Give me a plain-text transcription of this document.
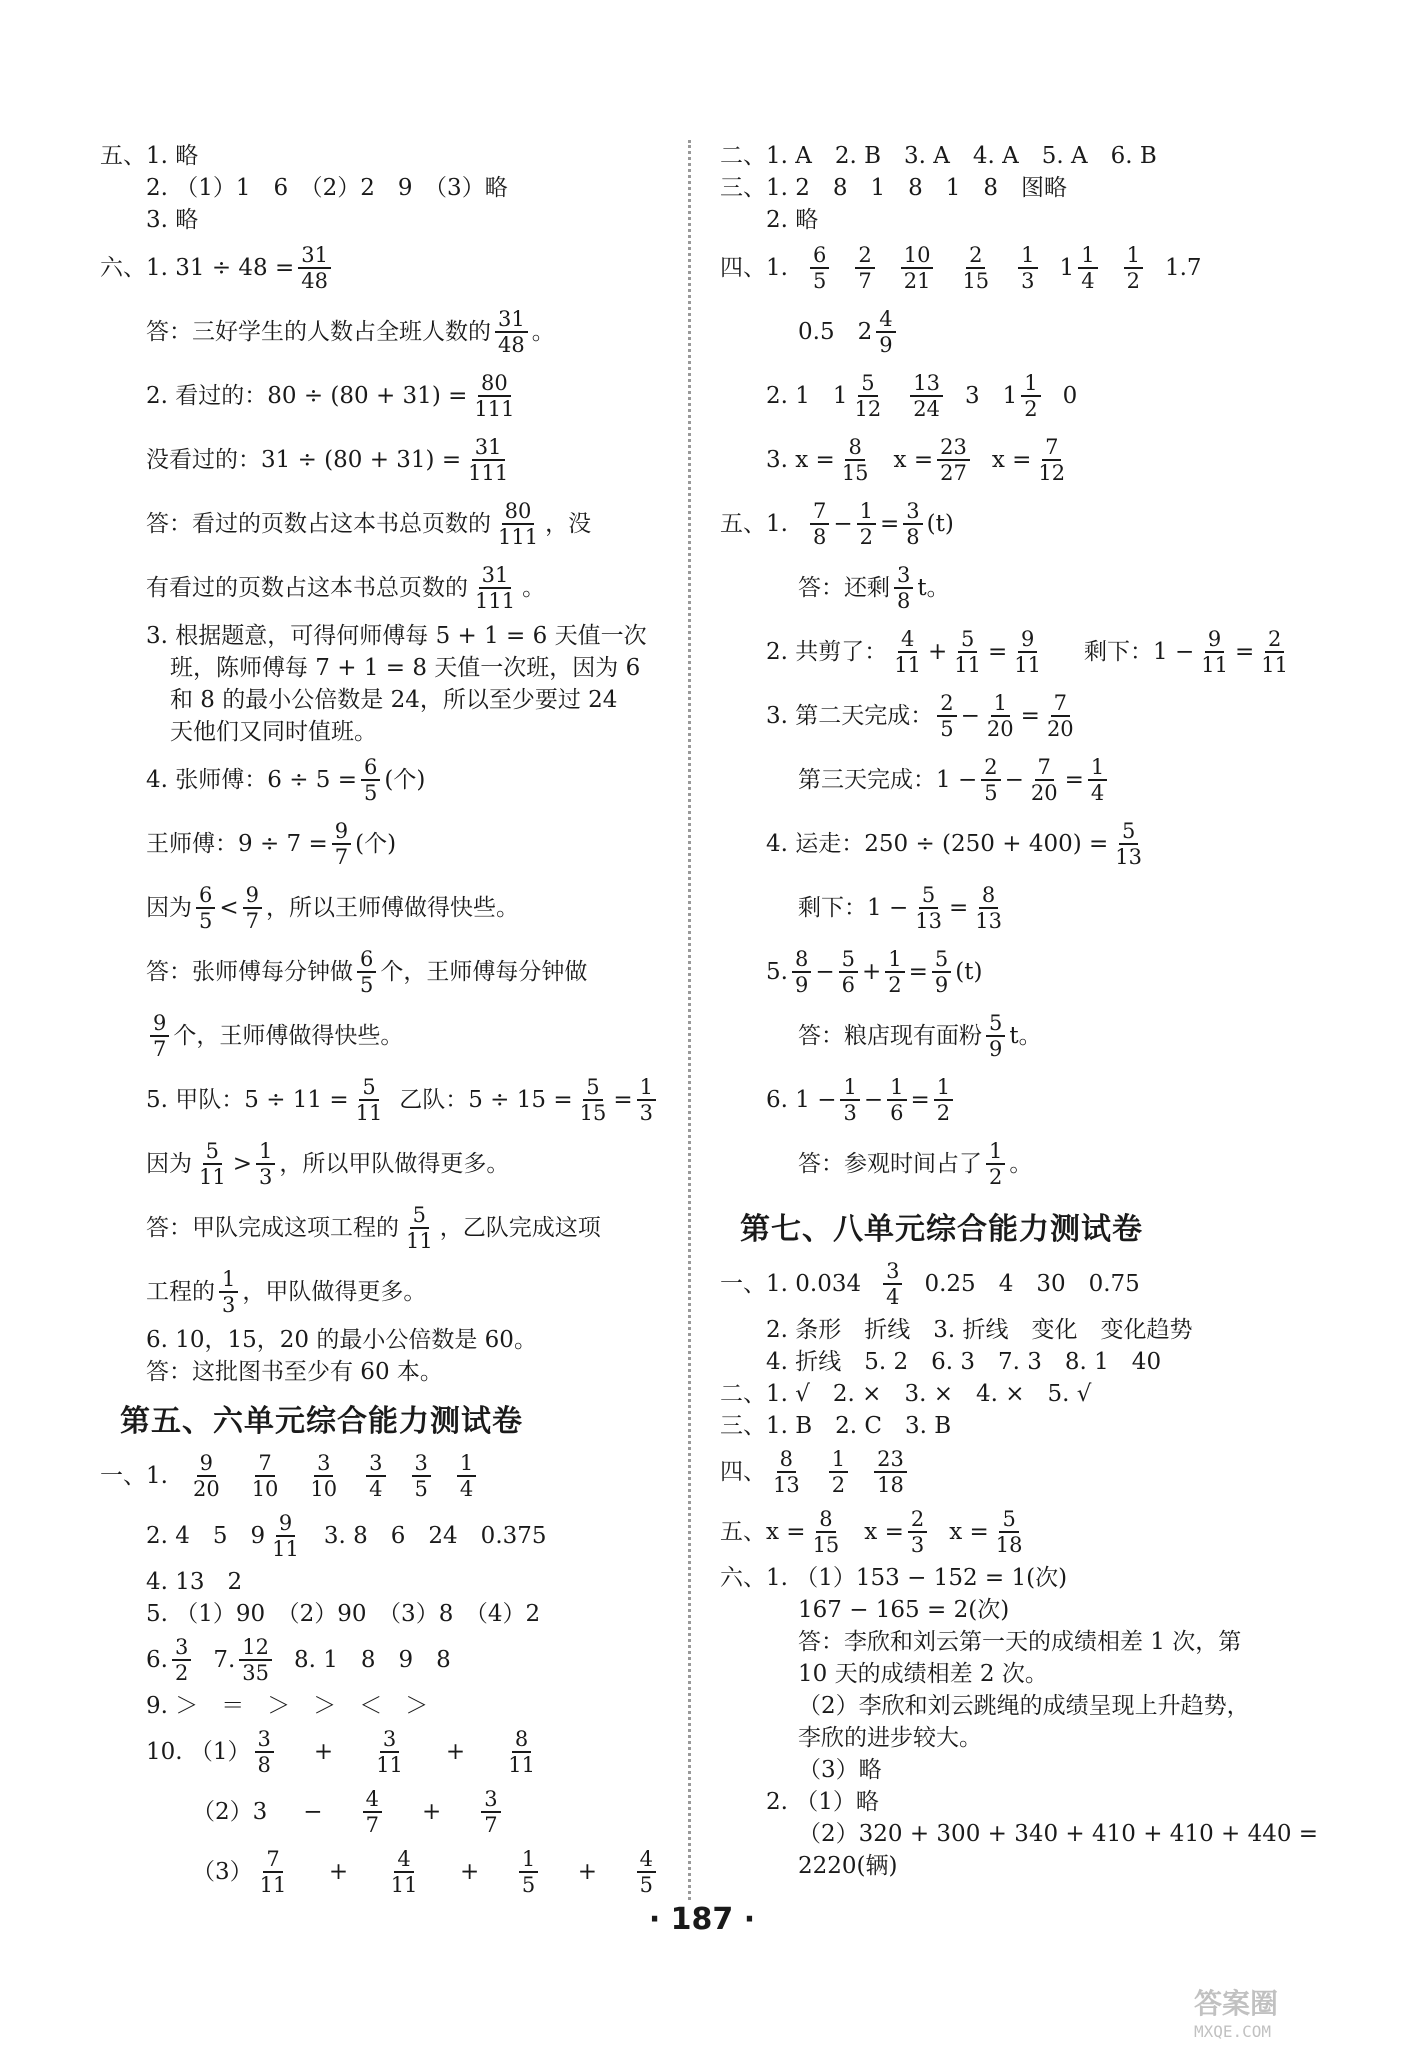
五、1. 略
2. （1）1　6　（2）2　9　（3）略
3. 略
六、1. $31 \div 48 = \frac{31}{48}$
答：三好学生的人数占全班人数的 $\frac{31}{48}$ 。
2. 看过的：$80 \div (80 + 31) = \frac{80}{111}$
没看过的：$31 \div (80 + 31) = \frac{31}{111}$
答：看过的页数占这本书总页数的 $\frac{80}{111}$ ，没
有看过的页数占这本书总页数的 $\frac{31}{111}$ 。
3. 根据题意，可得何师傅每 5 + 1 = 6 天值一次
班，陈师傅每 7 + 1 = 8 天值一次班，因为 6
和 8 的最小公倍数是 24，所以至少要过 24
天他们又同时值班。
4. 张师傅：$6 \div 5 = \frac{6}{5}$ (个)
王师傅：$9 \div 7 = \frac{9}{7}$ (个)
因为 $\frac{6}{5} < \frac{9}{7}$ ，所以王师傅做得快些。
答：张师傅每分钟做 $\frac{6}{5}$ 个，王师傅每分钟做
$\frac{9}{7}$ 个，王师傅做得快些。
5. 甲队：$5 \div 11 = \frac{5}{11}$ 乙队：$5 \div 15 = \frac{5}{15} = \frac{1}{3}$
因为 $\frac{5}{11} > \frac{1}{3}$ ，所以甲队做得更多。
答：甲队完成这项工程的 $\frac{5}{11}$ ，乙队完成这项
工程的 $\frac{1}{3}$ ，甲队做得更多。
6. 10，15，20 的最小公倍数是 60。
答：这批图书至少有 60 本。
第五、六单元综合能力测试卷
一、1. $\frac{9}{20} \frac{7}{10} \frac{3}{10} \frac{3}{4} \frac{3}{5} \frac{1}{4}$
2. 4　5　$9 \frac{9}{11} 3$. 8　6　24　0.375
4. 13　2
5. （1）90　（2）90　（3）8　（4）2
6. $\frac{3}{2} 7$. $\frac{12}{35} 8$. 1　8　9　8
9. ＞　＝　＞　＞　＜　＞
10. $(1) \frac{3}{8} + \frac{3}{11} + \frac{8}{11}$
$(2)3 - \frac{4}{7} + \frac{3}{7}$
$(3) \frac{7}{11} + \frac{4}{11} + \frac{1}{5} + \frac{4}{5}$
二、1. A　2. B　3. A　4. A　5. A　6. B
三、1. 2　8　1　8　1　8　图略
2. 略
四、1. $\frac{6}{5} \frac{2}{7} \frac{10}{21} \frac{2}{15} \frac{1}{3} 1 \frac{1}{4} \frac{1}{2} 1.7$
0.5　$2 \frac{4}{9}$
2. 1　$1 \frac{5}{12} \frac{13}{24} 3$　$1 \frac{1}{2} 0$
3. $x = \frac{8}{15}$ $x = \frac{23}{27}$ $x = \frac{7}{12}$
五、1. $\frac{7}{8} - \frac{1}{2} = \frac{3}{8} (t)$
答：还剩 $\frac{3}{8}$ t。
2. 共剪了： $\frac{4}{11} + \frac{5}{11} = \frac{9}{11}$ 剩下：$1 - \frac{9}{11} = \frac{2}{11}$
3. 第二天完成： $\frac{2}{5} - \frac{1}{20} = \frac{7}{20}$
第三天完成：$1 - \frac{2}{5} - \frac{7}{20} = \frac{1}{4}$
4. 运走：$250 \div (250 + 400) = \frac{5}{13}$
剩下：$1 - \frac{5}{13} = \frac{8}{13}$
5. $\frac{8}{9} - \frac{5}{6} + \frac{1}{2} = \frac{5}{9} (t)$
答：粮店现有面粉 $\frac{5}{9}$ t。
6. $1 - \frac{1}{3} - \frac{1}{6} = \frac{1}{2}$
答：参观时间占了 $\frac{1}{2}$ 。
第七、八单元综合能力测试卷
一、1. $0.034 \frac{3}{4} 0.25$　4　30　0.75
2. 条形　折线　3. 折线　变化　变化趋势
4. 折线　5. 2　6. 3　7. 3　8. 1　40
二、1. √　2. ×　3. ×　4. ×　5. √
三、1. B　2. C　3. B
四、 $\frac{8}{13} \frac{1}{2} \frac{23}{18}$
五、$x = \frac{8}{15}$ $x = \frac{2}{3}$ $x = \frac{5}{18}$
六、1. （1）153 − 152 = 1(次)
167 − 165 = 2(次)
答：李欣和刘云第一天的成绩相差 1 次，第
10 天的成绩相差 2 次。
（2）李欣和刘云跳绳的成绩呈现上升趋势，
李欣的进步较大。
（3）略
2. （1）略
（2）320 + 300 + 340 + 410 + 410 + 440 =
2220(辆)
· 187 ·
答案圈
MXQE.COM
